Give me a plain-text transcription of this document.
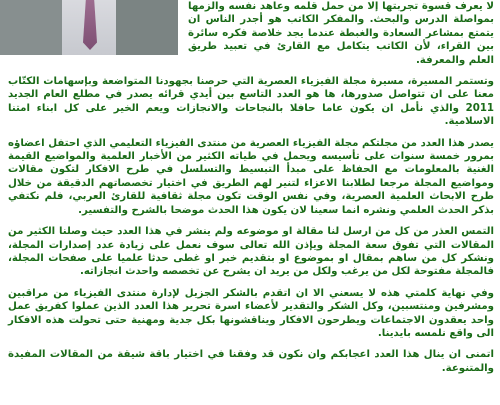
لا يعرف قسوة تجربتها إلا من حمل قلمه وعاهد نفسه والزمها بمواصلة الدرس والبحث. والمفكر الكاتب هو أجدر الناس ان يتمتع بمشاعر السعادة والغبطة عندما يجد خلاصة فكره سائرة بين القراء، لأن الكاتب يتكامل مع القارئ في تعبيد طريق العلم والمعرفة.

وتستمر المسيرة، مسيرة مجلة الفيزياء العصرية التي حرصنا بجهودنا المتواضعة وبإسهامات الكتّاب معنا على ان تتواصل صدورها، ها هو العدد التاسع بين أيدي قرائه يصدر في مطلع العام الجديد 2011 والذي نأمل ان يكون عاما حافلا بالنجاحات والانجازات ويعم الخير على كل ابناء امتنا الاسلامية.

يصدر هذا العدد من مجلتكم مجلة الفيزياء العصرية من منتدى الفيزياء التعليمي الذي احتفل اعضاؤه بمرور خمسة سنوات على تأسيسه ويحمل في طياته الكثير من الأخبار العلمية والمواضيع القيمة الغنية بالمعلومات مع الحفاظ على مبدأ التبسيط والتسلسل في طرح الافكار لتكون مقالات ومواضيع المجلة مرجعا لطلابنا الاعزاء لتنير لهم الطريق في اختيار تخصصاتهم الدقيقة من خلال طرح الابحاث العلمية العصرية، وفي نفس الوقت تكون مجلة ثقافية للقارئ العربي، فلم نكتفي بذكر الحدث العلمي ونشره انما سعينا لان يكون هذا الحدث موضحا بالشرح والتفسير.

التمس العذر من كل من ارسل لنا مقالة او موضوعه ولم ينشر في هذا العدد حيث وصلنا الكثير من المقالات التي تفوق سعة المجلة ويإذن الله تعالى سوف نعمل على زيادة عدد إصدارات المجلة، ونشكر كل من ساهم بمقال او بموضوع او بتقديم خبر او غطى حدثا علميا على صفحات المجلة، فالمجلة مفتوحة لكل من يرغب ولكل من يريد ان يشرح عن تخصصه واحدث انجازاته.

وفي نهاية كلمتي هذه لا يسعني الا ان اتقدم بالشكر الجزيل لإدارة منتدى الفيزياء من مراقبين ومشرفين ومنتسبين، وكل الشكر والتقدير لأعضاء اسرة تحرير هذا العدد الذين عملوا كفريق عمل واحد يعقدون الاجتماعات ويطرحون الافكار ويناقشونها بكل جدية ومهنية حتى تحولت هذه الافكار الى واقع نلمسه بايدينا.

اتمنى ان ينال هذا العدد اعجابكم وان نكون قد وفقنا في اختيار باقة شيقة من المقالات المفيدة والمتنوعة.
